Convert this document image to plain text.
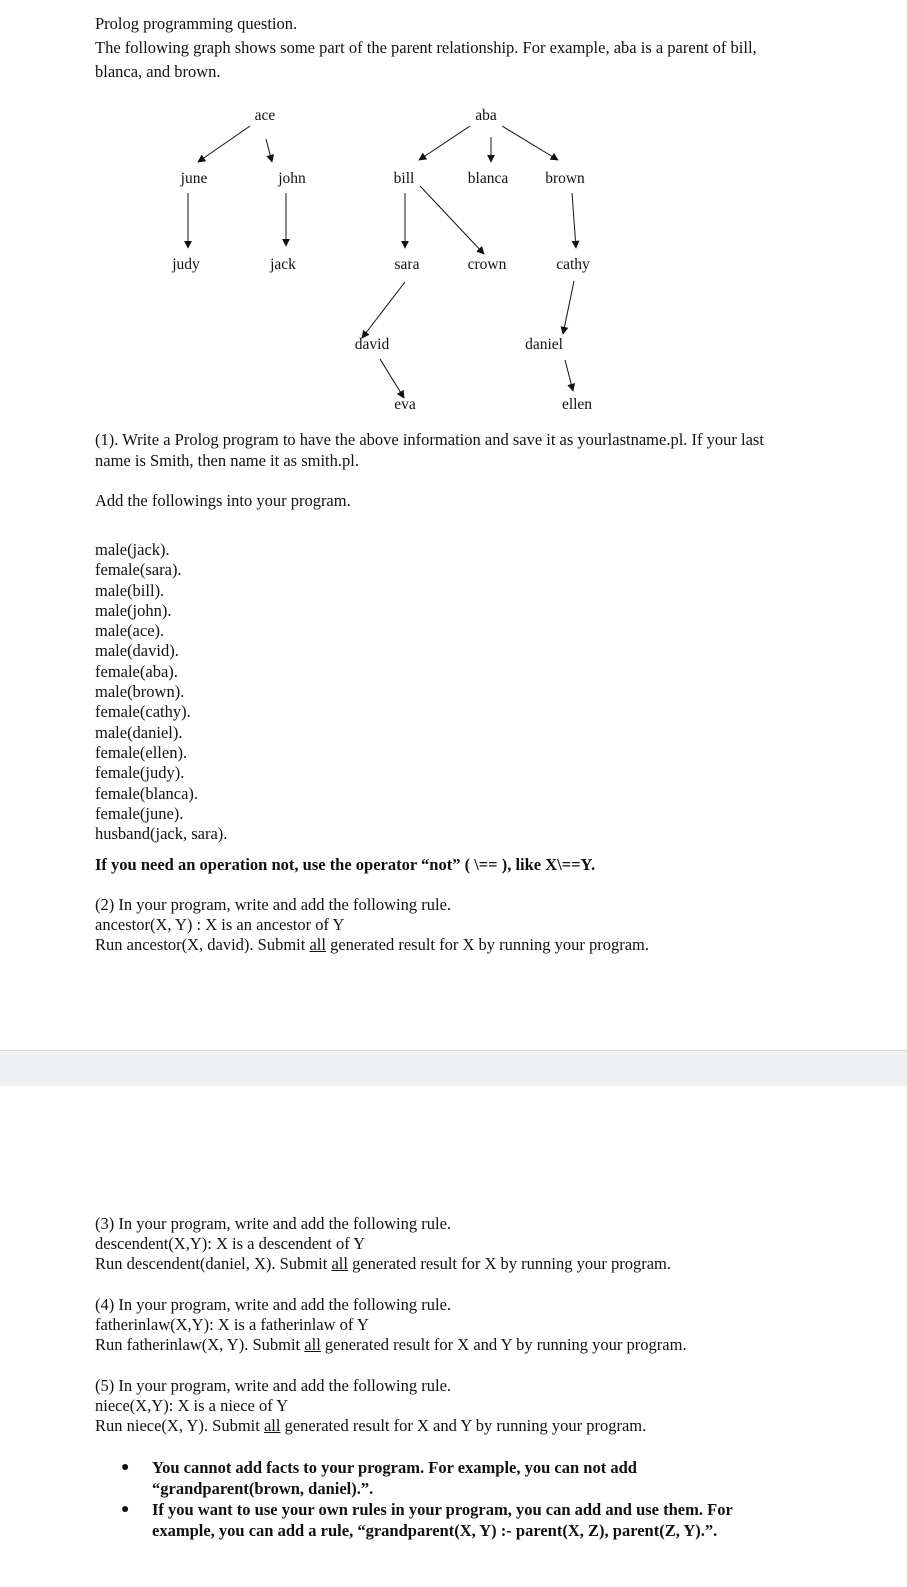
Prolog programming question.
The following graph shows some part of the parent relationship. For example, aba is a parent of bill,
blanca, and brown.
ace	aba
june	john	bill	blanca brown
judy	jack	sara	crown	cathy
david	daniel
eva	ellen
(1). Write a Prolog program to have the above information and save it as yourlastname.pl. If your last
name is Smith, then name it as smith.pl.
Add the followings into your program.
male(jack).
female(sara).
male(bill).
male(john).
male(ace).
male(david).
female(aba).
male(brown).
female(cathy).
male(daniel).
female(ellen).
female(judy).
female(blanca).
female(june).
husband(jack, sara).
If you need an operation not, use the operator “not” ( \== ), like X\==Y.
(2) In your program, write and add the following rule.
ancestor(X, Y) : X is an ancestor of Y
Run ancestor(X, david). Submit all generated result for X by running your program.
(3) In your program, write and add the following rule.
descendent(X,Y): X is a descendent of Y
Run descendent(daniel, X). Submit all generated result for X by running your program.
(4) In your program, write and add the following rule.
fatherinlaw(X,Y): X is a fatherinlaw of Y
Run fatherinlaw(X, Y). Submit all generated result for X and Y by running your program.
(5) In your program, write and add the following rule.
niece(X,Y): X is a niece of Y
Run niece(X, Y). Submit all generated result for X and Y by running your program.
● You cannot add facts to your program. For example, you can not add
“grandparent(brown, daniel).”.
● If you want to use your own rules in your program, you can add and use them. For
example, you can add a rule, “grandparent(X, Y) :- parent(X, Z), parent(Z, Y).”.
